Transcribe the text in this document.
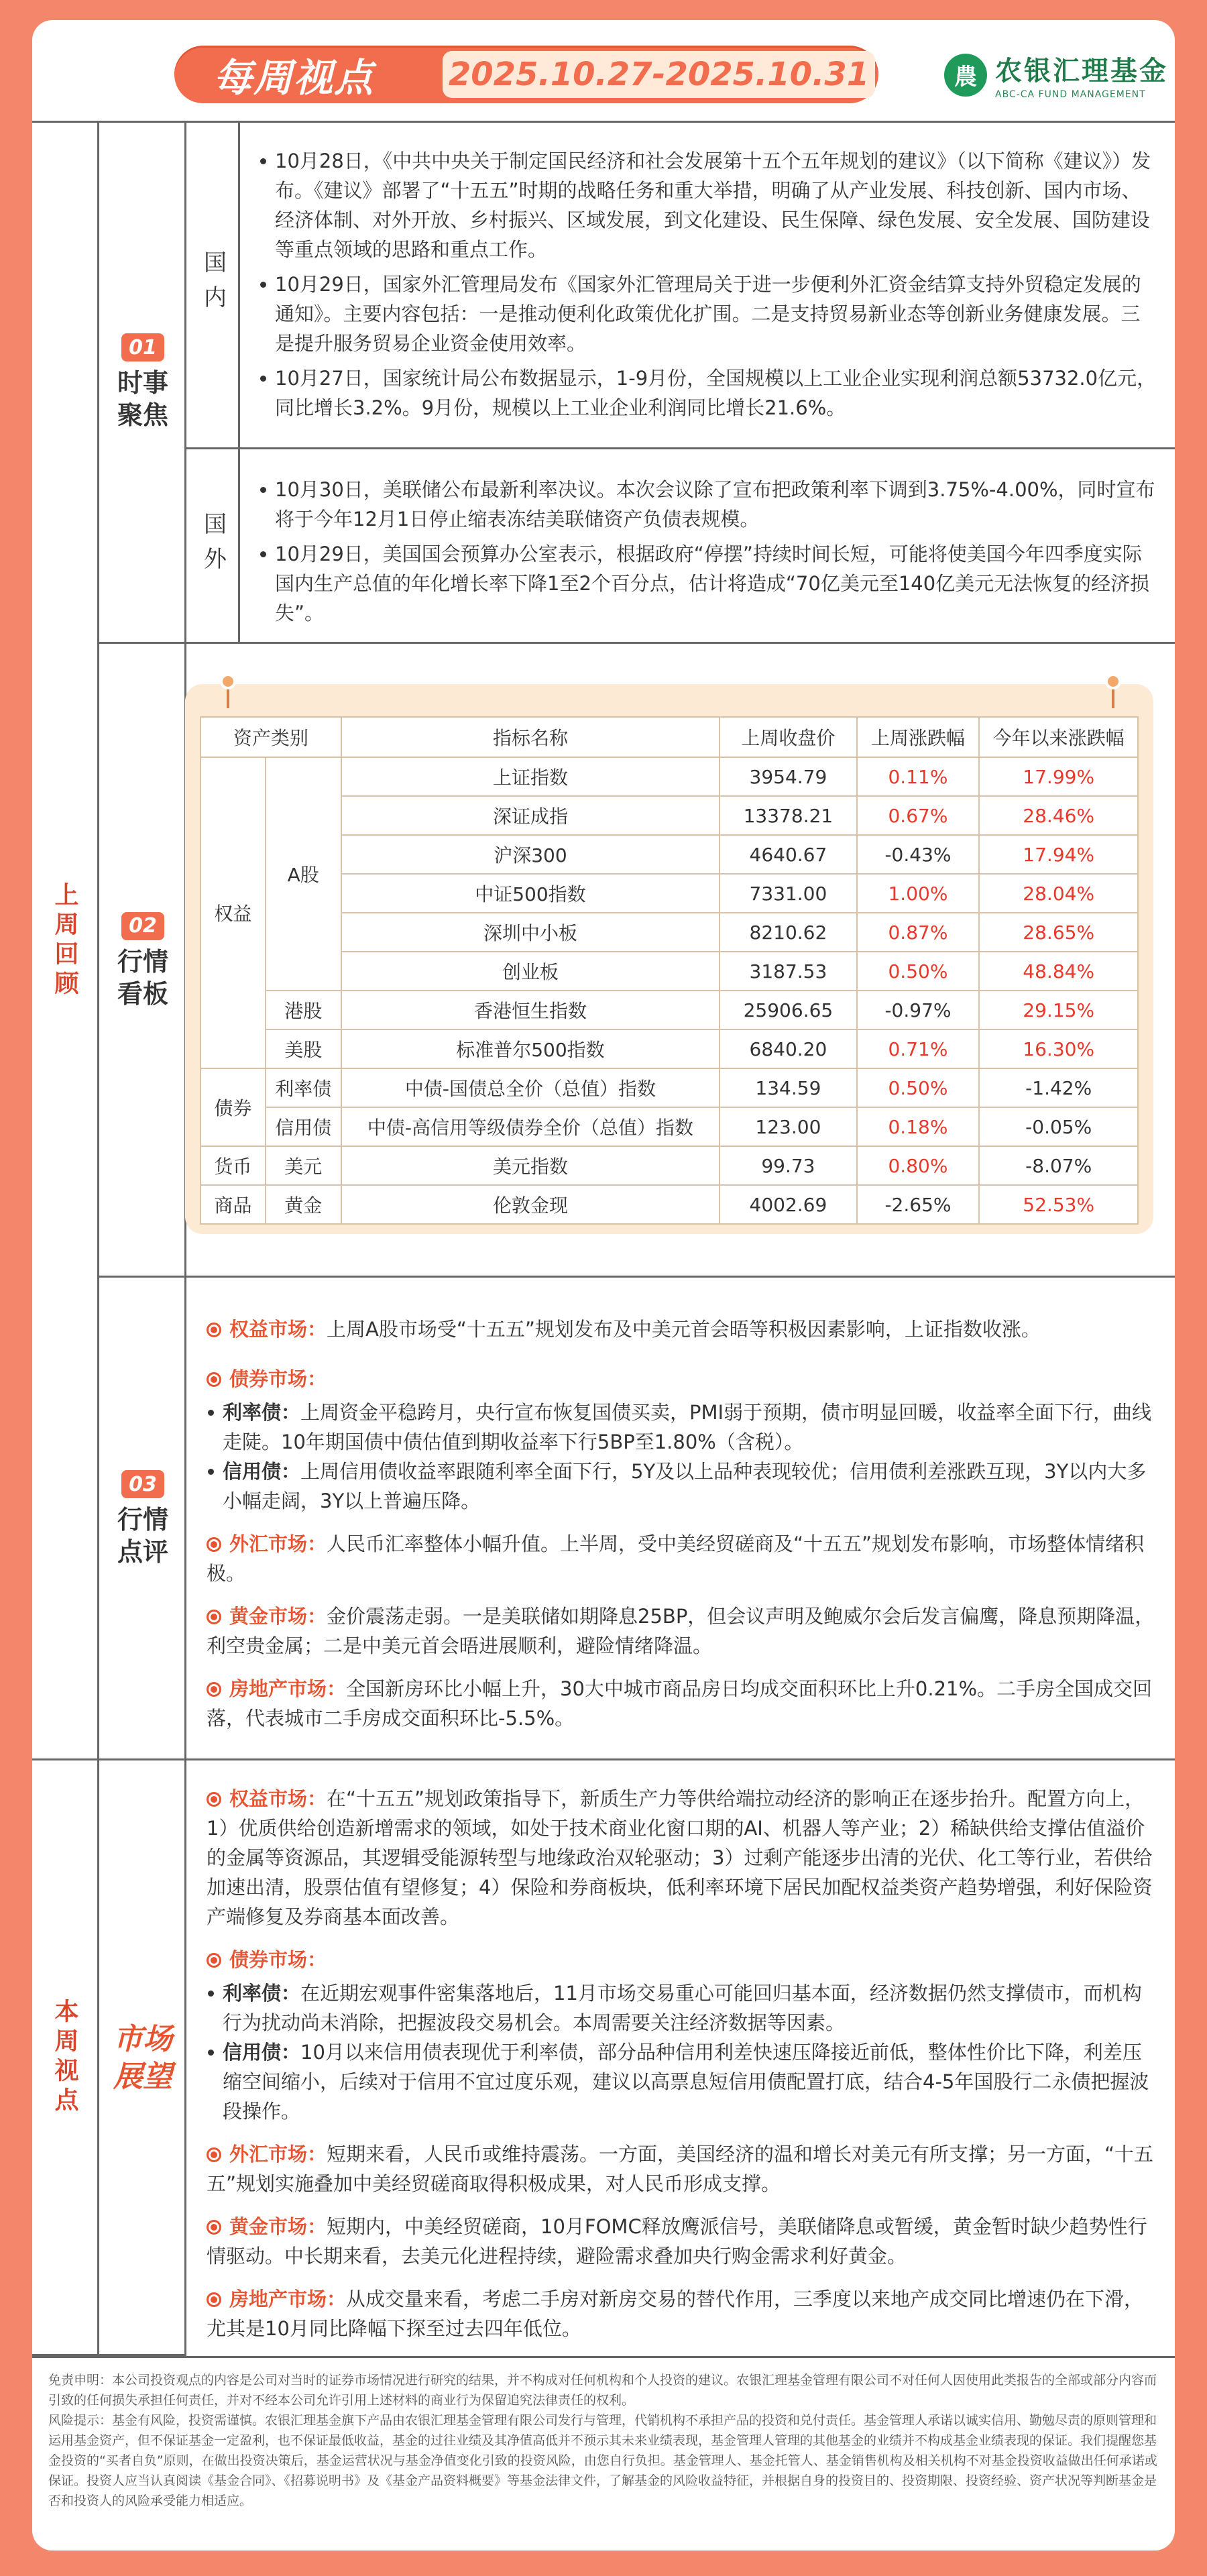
每周视点	2025.10.27-2025.10.31	農 农银汇理基金
ABC-CA FUND MANAGEMENT
上周回顾
本周视点
01
时事
聚焦
02
行情
看板
03
行情
点评
市场
展望
国内
10月28日，《中共中央关于制定国民经济和社会发展第十五个五年规划的建议》（以下简称《建议》）发布。《建议》部署了“十五五”时期的战略任务和重大举措，明确了从产业发展、科技创新、国内市场、经济体制、对外开放、乡村振兴、区域发展，到文化建设、民生保障、绿色发展、安全发展、国防建设等重点领域的思路和重点工作。
10月29日，国家外汇管理局发布《国家外汇管理局关于进一步便利外汇资金结算支持外贸稳定发展的通知》。主要内容包括：一是推动便利化政策优化扩围。二是支持贸易新业态等创新业务健康发展。三是提升服务贸易企业资金使用效率。
10月27日，国家统计局公布数据显示，1-9月份，全国规模以上工业企业实现利润总额53732.0亿元，同比增长3.2%。9月份，规模以上工业企业利润同比增长21.6%。
国外
10月30日，美联储公布最新利率决议。本次会议除了宣布把政策利率下调到3.75%-4.00%，同时宣布将于今年12月1日停止缩表冻结美联储资产负债表规模。
10月29日，美国国会预算办公室表示，根据政府“停摆”持续时间长短，可能将使美国今年四季度实际国内生产总值的年化增长率下降1至2个百分点，估计将造成“70亿美元至140亿美元无法恢复的经济损失”。
资产类别		指标名称	上周收盘价	上周涨跌幅	今年以来涨跌幅
权益	A股	上证指数	3954.79	0.11%	17.99%
		深证成指	13378.21	0.67%	28.46%
		沪深300	4640.67	-0.43%	17.94%
		中证500指数	7331.00	1.00%	28.04%
		深圳中小板	8210.62	0.87%	28.65%
		创业板	3187.53	0.50%	48.84%
	港股	香港恒生指数	25906.65	-0.97%	29.15%
	美股	标准普尔500指数	6840.20	0.71%	16.30%
债券	利率债	中债-国债总全价（总值）指数	134.59	0.50%	-1.42%
	信用债	中债-高信用等级债券全价（总值）指数	123.00	0.18%	-0.05%
货币	美元	美元指数	99.73	0.80%	-8.07%
商品	黄金	伦敦金现	4002.69	-2.65%	52.53%
权益市场：上周A股市场受“十五五”规划发布及中美元首会晤等积极因素影响，上证指数收涨。
债券市场：
利率债：上周资金平稳跨月，央行宣布恢复国债买卖，PMI弱于预期，债市明显回暖，收益率全面下行，曲线走陡。10年期国债中债估值到期收益率下行5BP至1.80%（含税）。
信用债：上周信用债收益率跟随利率全面下行，5Y及以上品种表现较优；信用债利差涨跌互现，3Y以内大多小幅走阔，3Y以上普遍压降。
外汇市场：人民币汇率整体小幅升值。上半周，受中美经贸磋商及“十五五”规划发布影响，市场整体情绪积极。
黄金市场：金价震荡走弱。一是美联储如期降息25BP，但会议声明及鲍威尔会后发言偏鹰，降息预期降温，利空贵金属；二是中美元首会晤进展顺利，避险情绪降温。
房地产市场：全国新房环比小幅上升，30大中城市商品房日均成交面积环比上升0.21%。二手房全国成交回落，代表城市二手房成交面积环比-5.5%。
权益市场：在“十五五”规划政策指导下，新质生产力等供给端拉动经济的影响正在逐步抬升。配置方向上，1）优质供给创造新增需求的领域，如处于技术商业化窗口期的AI、机器人等产业；2）稀缺供给支撑估值溢价的金属等资源品，其逻辑受能源转型与地缘政治双轮驱动；3）过剩产能逐步出清的光伏、化工等行业，若供给加速出清，股票估值有望修复；4）保险和券商板块，低利率环境下居民加配权益类资产趋势增强，利好保险资产端修复及券商基本面改善。
债券市场：
利率债：在近期宏观事件密集落地后，11月市场交易重心可能回归基本面，经济数据仍然支撑债市，而机构行为扰动尚未消除，把握波段交易机会。本周需要关注经济数据等因素。
信用债：10月以来信用债表现优于利率债，部分品种信用利差快速压降接近前低，整体性价比下降，利差压缩空间缩小，后续对于信用不宜过度乐观，建议以高票息短信用债配置打底，结合4-5年国股行二永债把握波段操作。
外汇市场：短期来看，人民币或维持震荡。一方面，美国经济的温和增长对美元有所支撑；另一方面，“十五五”规划实施叠加中美经贸磋商取得积极成果，对人民币形成支撑。
黄金市场：短期内，中美经贸磋商，10月FOMC释放鹰派信号，美联储降息或暂缓，黄金暂时缺少趋势性行情驱动。中长期来看，去美元化进程持续，避险需求叠加央行购金需求利好黄金。
房地产市场：从成交量来看，考虑二手房对新房交易的替代作用，三季度以来地产成交同比增速仍在下滑，尤其是10月同比降幅下探至过去四年低位。

免责申明：本公司投资观点的内容是公司对当时的证券市场情况进行研究的结果，并不构成对任何机构和个人投资的建议。农银汇理基金管理有限公司不对任何人因使用此类报告的全部或部分内容而引致的任何损失承担任何责任，并对不经本公司允许引用上述材料的商业行为保留追究法律责任的权利。

风险提示：基金有风险，投资需谨慎。农银汇理基金旗下产品由农银汇理基金管理有限公司发行与管理，代销机构不承担产品的投资和兑付责任。基金管理人承诺以诚实信用、勤勉尽责的原则管理和运用基金资产，但不保证基金一定盈利，也不保证最低收益，基金的过往业绩及其净值高低并不预示其未来业绩表现，基金管理人管理的其他基金的业绩并不构成基金业绩表现的保证。我们提醒您基金投资的“买者自负”原则，在做出投资决策后，基金运营状况与基金净值变化引致的投资风险，由您自行负担。基金管理人、基金托管人、基金销售机构及相关机构不对基金投资收益做出任何承诺或保证。投资人应当认真阅读《基金合同》、《招募说明书》及《基金产品资料概要》等基金法律文件，了解基金的风险收益特征，并根据自身的投资目的、投资期限、投资经验、资产状况等判断基金是否和投资人的风险承受能力相适应。
